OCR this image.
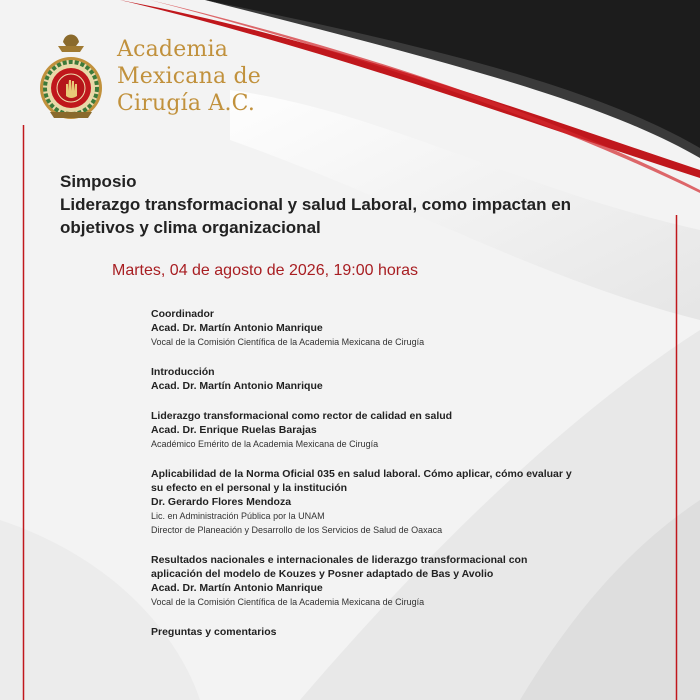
Academia
Mexicana de
Cirugía A.C.
Simposio
Liderazgo transformacional y salud Laboral, como impactan en objetivos y clima organizacional
Martes, 04 de agosto de 2026, 19:00 horas
Coordinador
Acad. Dr. Martín Antonio Manrique
Vocal de la Comisión Científica de la Academia Mexicana de Cirugía
Introducción
Acad. Dr. Martín Antonio Manrique
Liderazgo transformacional como rector de calidad en salud
Acad. Dr. Enrique Ruelas Barajas
Académico Emérito de la Academia Mexicana de Cirugía
Aplicabilidad de la Norma Oficial 035 en salud laboral. Cómo aplicar, cómo evaluar y su efecto en el personal y la institución
Dr. Gerardo Flores Mendoza
Lic. en Administración Pública por la UNAM
Director de Planeación y Desarrollo de los Servicios de Salud de Oaxaca
Resultados nacionales e internacionales de liderazgo transformacional con aplicación del modelo de Kouzes y Posner adaptado de Bas y Avolio
Acad. Dr. Martín Antonio Manrique
Vocal de la Comisión Científica de la Academia Mexicana de Cirugía
Preguntas y comentarios
